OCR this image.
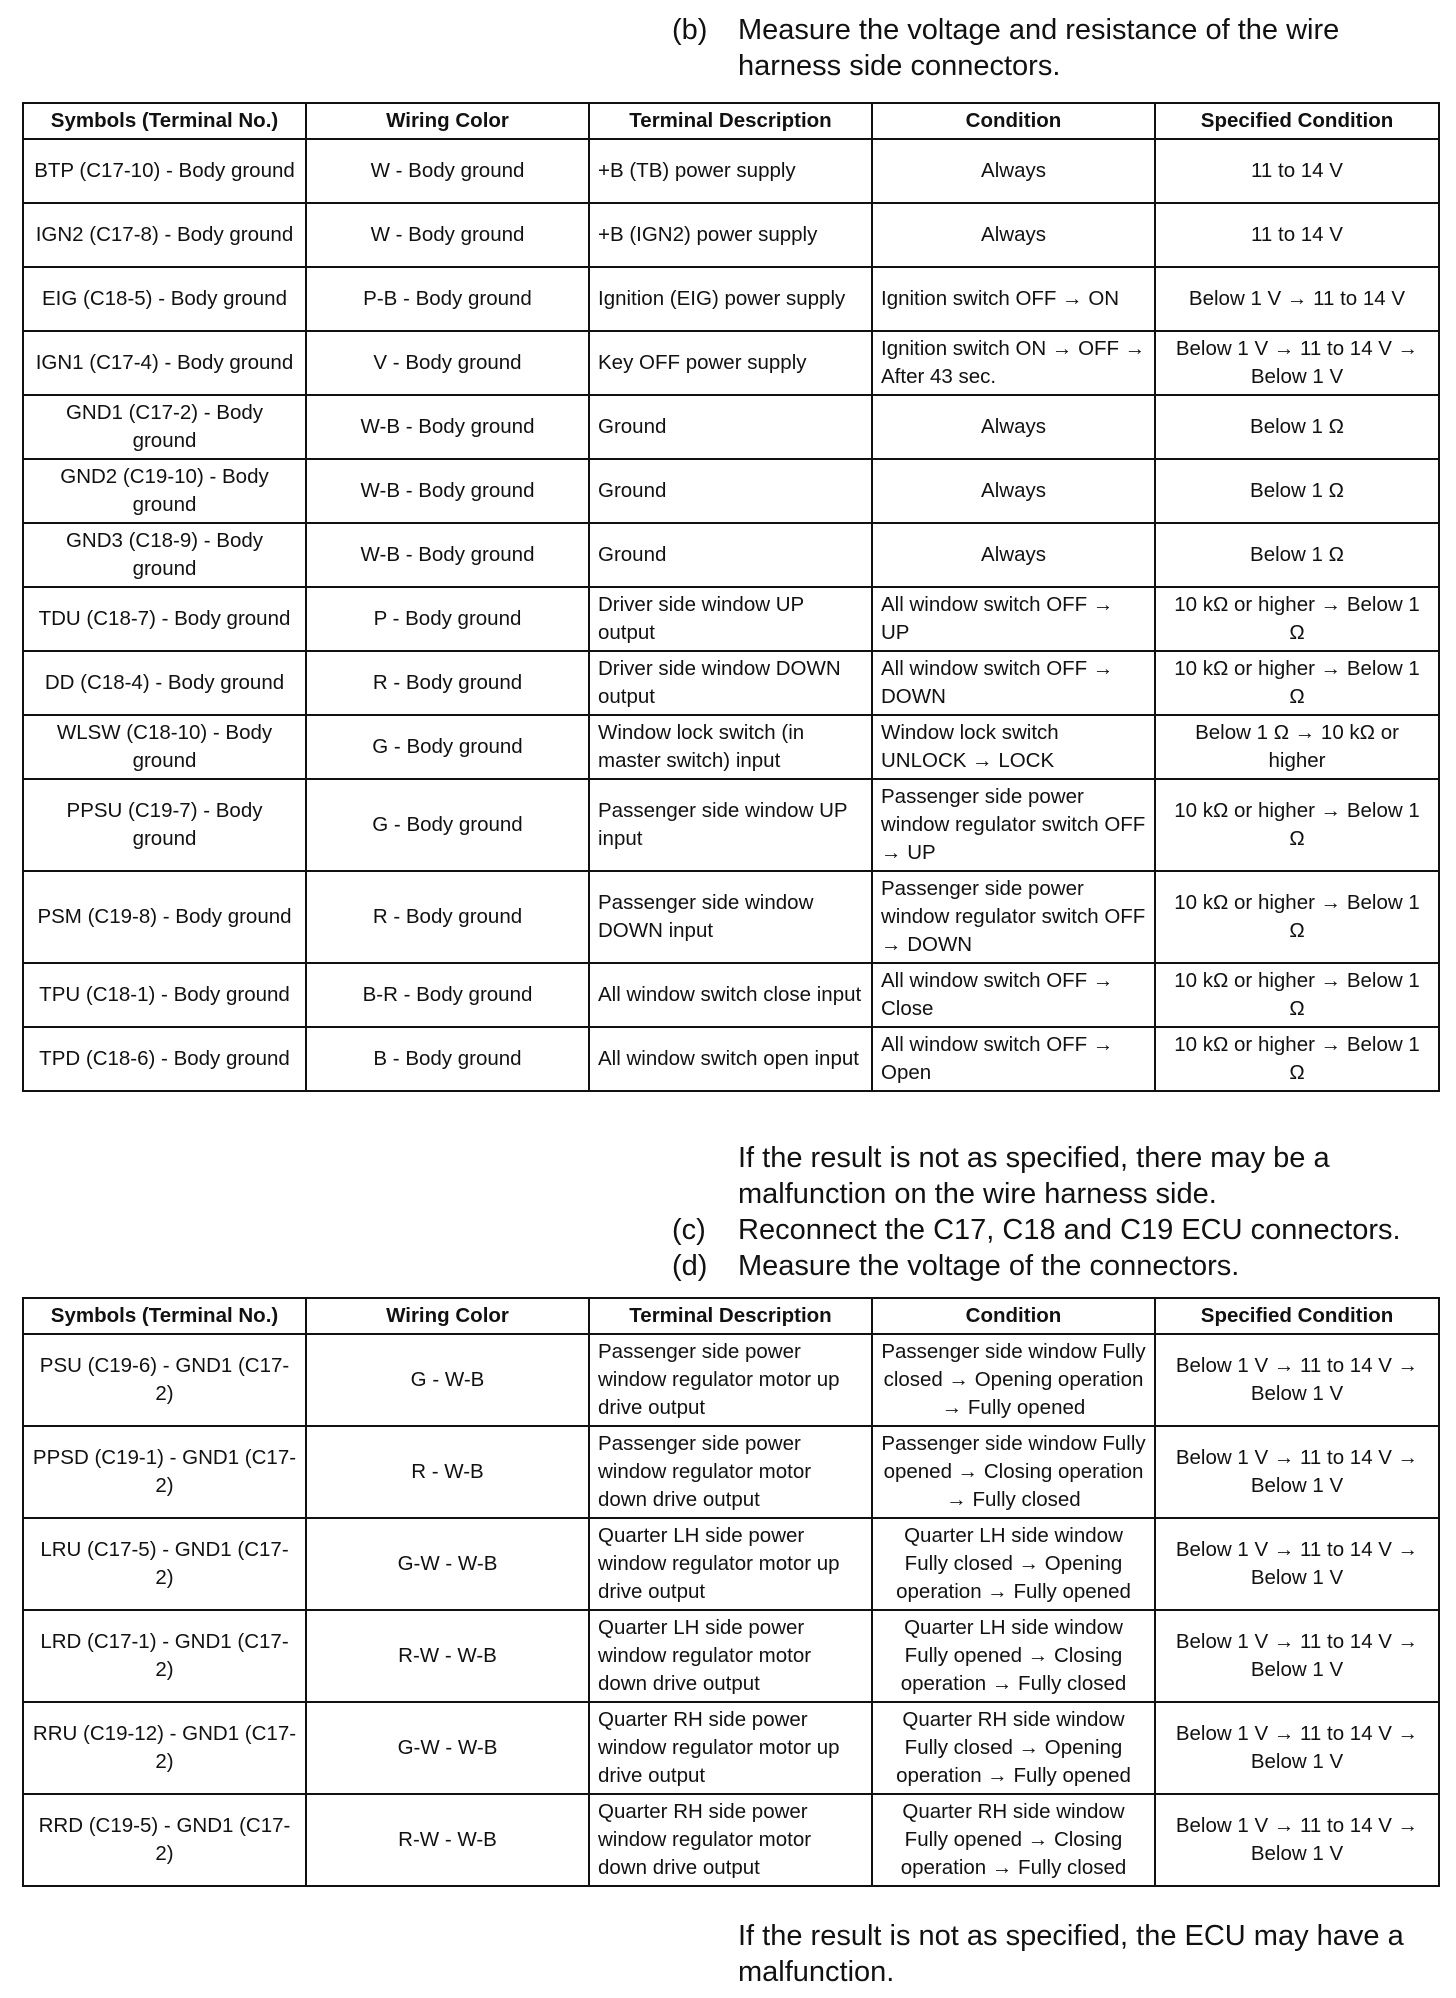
(b) Measure the voltage and resistance of the wire harness side connectors.
Symbols (Terminal No.)	Wiring Color	Terminal Description	Condition	Specified Condition
BTP (C17-10) - Body ground	W - Body ground	+B (TB) power supply	Always	11 to 14 V
IGN2 (C17-8) - Body ground	W - Body ground	+B (IGN2) power supply	Always	11 to 14 V
EIG (C18-5) - Body ground	P-B - Body ground	Ignition (EIG) power supply	Ignition switch OFF → ON	Below 1 V → 11 to 14 V
IGN1 (C17-4) - Body ground	V - Body ground	Key OFF power supply	Ignition switch ON → OFF → After 43 sec.	Below 1 V → 11 to 14 V → Below 1 V
GND1 (C17-2) - Body ground	W-B - Body ground	Ground	Always	Below 1 Ω
GND2 (C19-10) - Body ground	W-B - Body ground	Ground	Always	Below 1 Ω
GND3 (C18-9) - Body ground	W-B - Body ground	Ground	Always	Below 1 Ω
TDU (C18-7) - Body ground	P - Body ground	Driver side window UP output	All window switch OFF → UP	10 kΩ or higher → Below 1 Ω
DD (C18-4) - Body ground	R - Body ground	Driver side window DOWN output	All window switch OFF → DOWN	10 kΩ or higher → Below 1 Ω
WLSW (C18-10) - Body ground	G - Body ground	Window lock switch (in master switch) input	Window lock switch UNLOCK → LOCK	Below 1 Ω → 10 kΩ or higher
PPSU (C19-7) - Body ground	G - Body ground	Passenger side window UP input	Passenger side power window regulator switch OFF → UP	10 kΩ or higher → Below 1 Ω
PSM (C19-8) - Body ground	R - Body ground	Passenger side window DOWN input	Passenger side power window regulator switch OFF → DOWN	10 kΩ or higher → Below 1 Ω
TPU (C18-1) - Body ground	B-R - Body ground	All window switch close input	All window switch OFF → Close	10 kΩ or higher → Below 1 Ω
TPD (C18-6) - Body ground	B - Body ground	All window switch open input	All window switch OFF → Open	10 kΩ or higher → Below 1 Ω
If the result is not as specified, there may be a malfunction on the wire harness side.
(c) Reconnect the C17, C18 and C19 ECU connectors.
(d) Measure the voltage of the connectors.
Symbols (Terminal No.)	Wiring Color	Terminal Description	Condition	Specified Condition
PSU (C19-6) - GND1 (C17-2)	G - W-B	Passenger side power window regulator motor up drive output	Passenger side window Fully closed → Opening operation → Fully opened	Below 1 V → 11 to 14 V → Below 1 V
PPSD (C19-1) - GND1 (C17-2)	R - W-B	Passenger side power window regulator motor down drive output	Passenger side window Fully opened → Closing operation → Fully closed	Below 1 V → 11 to 14 V → Below 1 V
LRU (C17-5) - GND1 (C17-2)	G-W - W-B	Quarter LH side power window regulator motor up drive output	Quarter LH side window Fully closed → Opening operation → Fully opened	Below 1 V → 11 to 14 V → Below 1 V
LRD (C17-1) - GND1 (C17-2)	R-W - W-B	Quarter LH side power window regulator motor down drive output	Quarter LH side window Fully opened → Closing operation → Fully closed	Below 1 V → 11 to 14 V → Below 1 V
RRU (C19-12) - GND1 (C17-2)	G-W - W-B	Quarter RH side power window regulator motor up drive output	Quarter RH side window Fully closed → Opening operation → Fully opened	Below 1 V → 11 to 14 V → Below 1 V
RRD (C19-5) - GND1 (C17-2)	R-W - W-B	Quarter RH side power window regulator motor down drive output	Quarter RH side window Fully opened → Closing operation → Fully closed	Below 1 V → 11 to 14 V → Below 1 V
If the result is not as specified, the ECU may have a malfunction.
